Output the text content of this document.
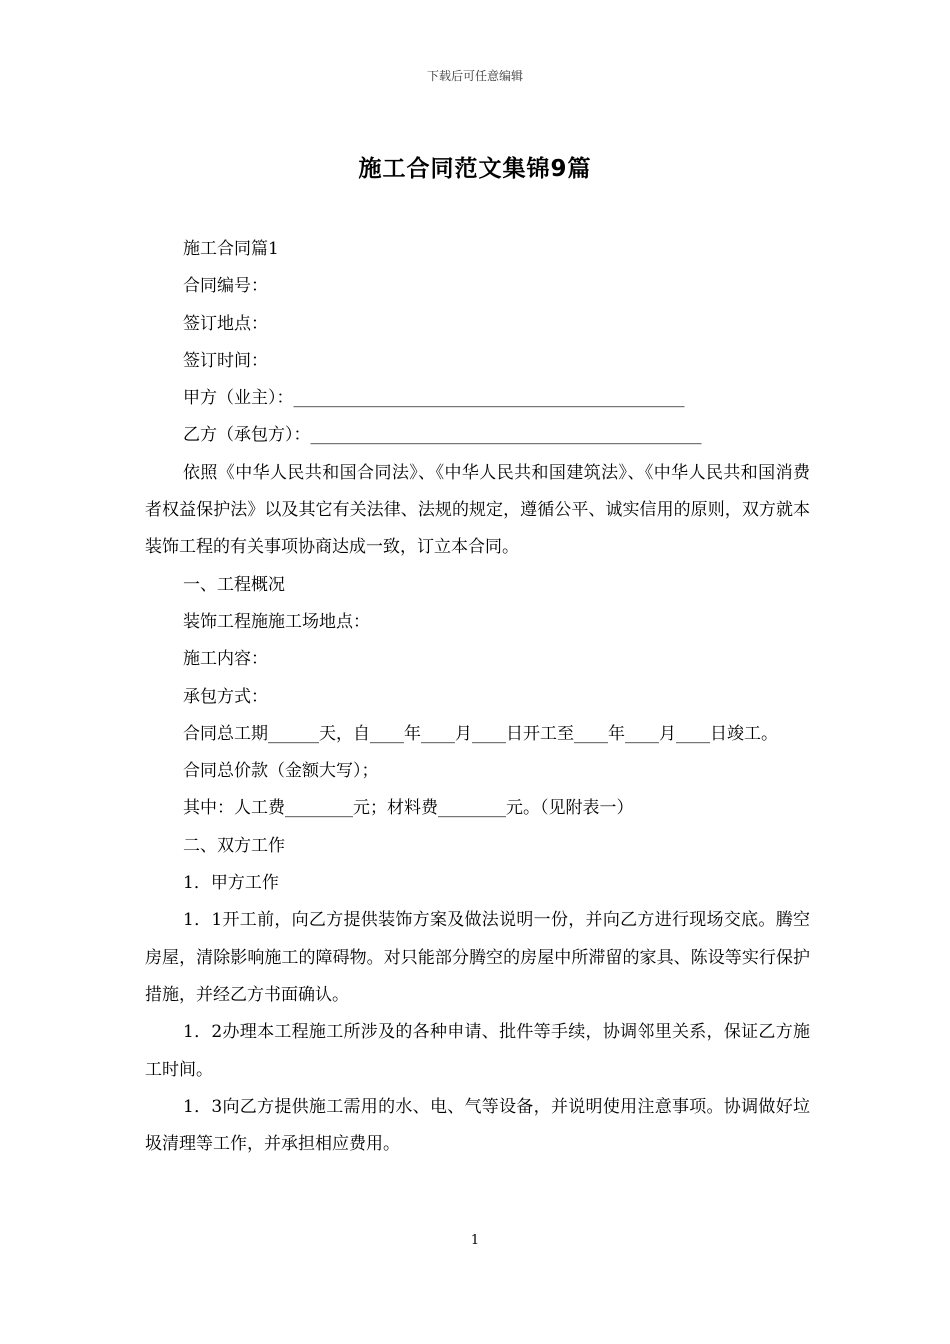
下载后可任意编辑
施工合同范文集锦9篇

施工合同篇1

合同编号：

签订地点：

签订时间：

甲方（业主）：______________________________________________

乙方（承包方）：______________________________________________

依照《中华人民共和国合同法》、《中华人民共和国建筑法》、《中华人民共和国消费者权益保护法》以及其它有关法律、法规的规定，遵循公平、诚实信用的原则，双方就本装饰工程的有关事项协商达成一致，订立本合同。

一、工程概况

装饰工程施施工场地点：

施工内容：

承包方式：

合同总工期______天，自____年____月____日开工至____年____月____日竣工。

合同总价款（金额大写）；

其中：人工费________元；材料费________元。（见附表一）

二、双方工作

1．甲方工作

1．1开工前，向乙方提供装饰方案及做法说明一份，并向乙方进行现场交底。腾空房屋，清除影响施工的障碍物。对只能部分腾空的房屋中所滞留的家具、陈设等实行保护措施，并经乙方书面确认。

1．2办理本工程施工所涉及的各种申请、批件等手续，协调邻里关系，保证乙方施工时间。

1．3向乙方提供施工需用的水、电、气等设备，并说明使用注意事项。协调做好垃圾清理等工作，并承担相应费用。

1
